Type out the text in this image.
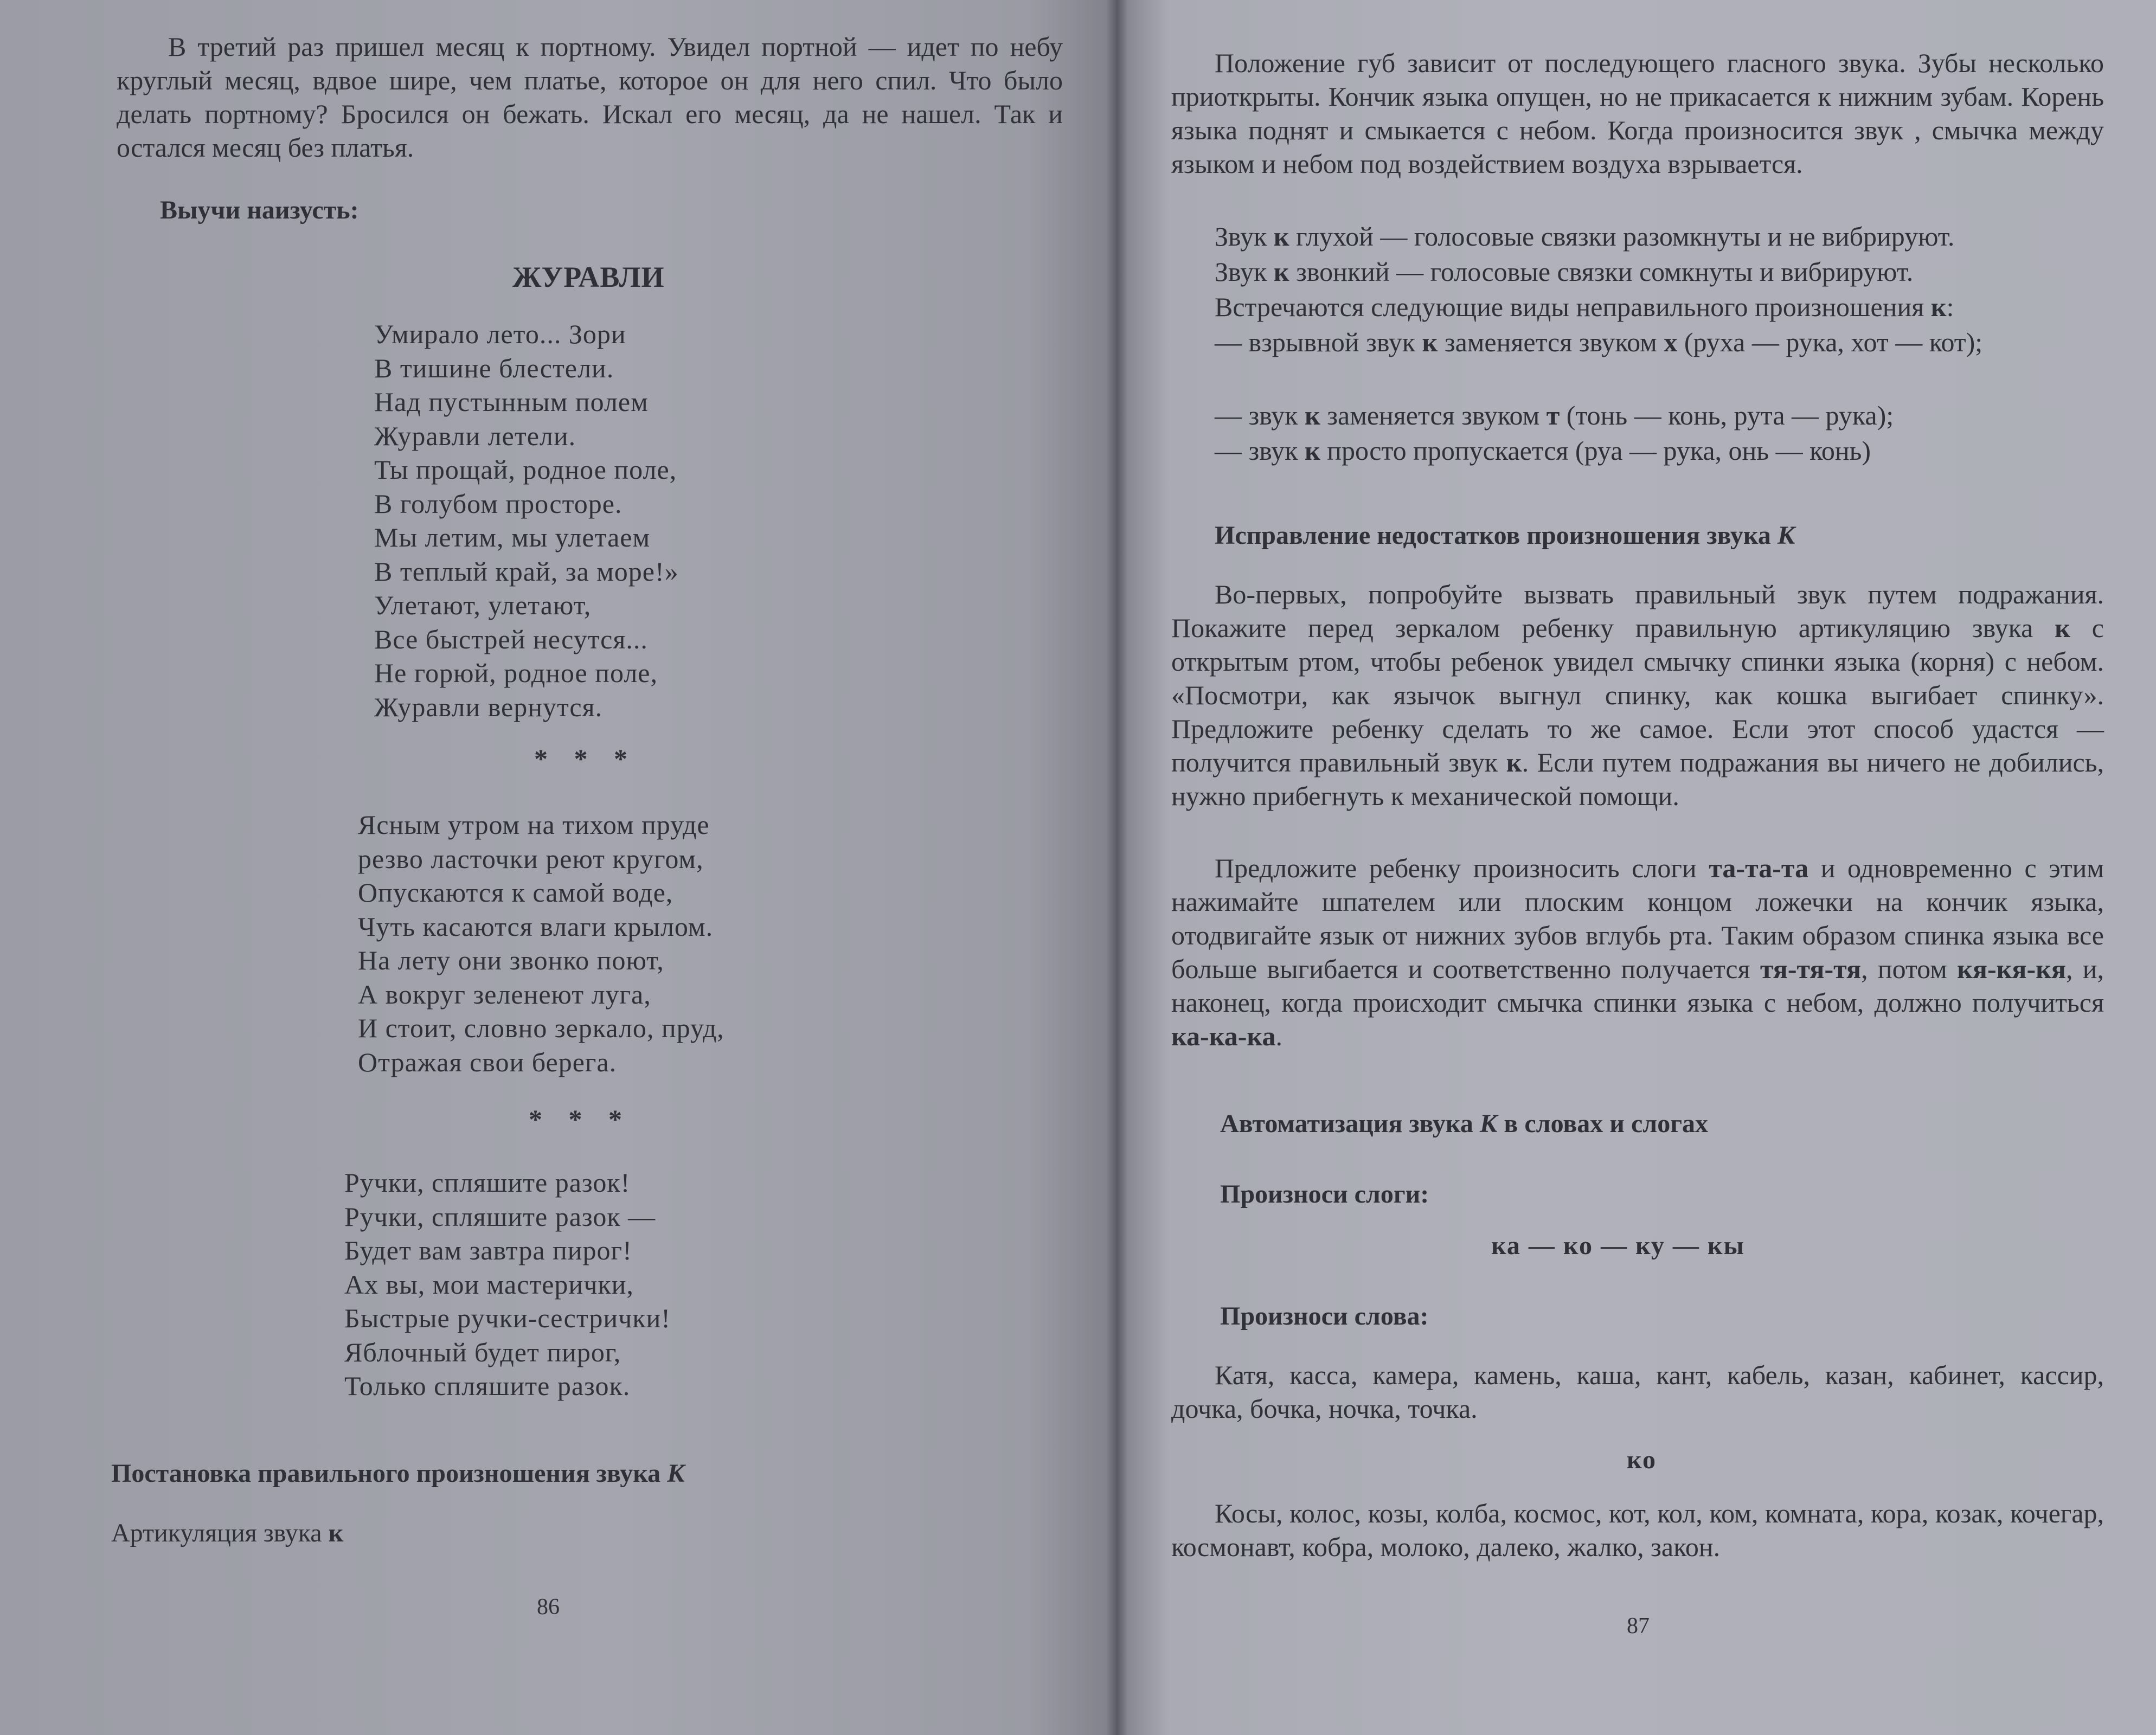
В третий раз пришел месяц к портному. Увидел портной — идет по небу круглый месяц, вдвое шире, чем платье, которое он для него спил. Что было делать портному? Бросился он бежать. Искал его месяц, да не нашел. Так и остался месяц без платья.

Выучи наизусть:

ЖУРАВЛИ

Умирало лето... Зори
В тишине блестели.
Над пустынным полем
Журавли летели.
Ты прощай, родное поле,
В голубом просторе.
Мы летим, мы улетаем
В теплый край, за море!»
Улетают, улетают,
Все быстрей несутся...
Не горюй, родное поле,
Журавли вернутся.

* * *

Ясным утром на тихом пруде
резво ласточки реют кругом,
Опускаются к самой воде,
Чуть касаются влаги крылом.
На лету они звонко поют,
А вокруг зеленеют луга,
И стоит, словно зеркало, пруд,
Отражая свои берега.

* * *

Ручки, спляшите разок!
Ручки, спляшите разок —
Будет вам завтра пирог!
Ах вы, мои мастерички,
Быстрые ручки-сестрички!
Яблочный будет пирог,
Только спляшите разок.

Постановка правильного произношения звука К

Артикуляция звука к

86

Положение губ зависит от последующего гласного звука. Зубы несколько приоткрыты. Кончик языка опущен, но не прикасается к нижним зубам. Корень языка поднят и смыкается с небом. Когда произносится звук , смычка между языком и небом под воздействием воздуха взрывается.

Звук к глухой — голосовые связки разомкнуты и не вибрируют.

Звук к звонкий — голосовые связки сомкнуты и вибрируют.

Встречаются следующие виды неправильного произношения к:

— взрывной звук к заменяется звуком х (руха — рука, хот — кот);

— звук к заменяется звуком т (тонь — конь, рута — рука);

— звук к просто пропускается (руа — рука, онь — конь)

Исправление недостатков произношения звука К

Во-первых, попробуйте вызвать правильный звук путем подражания. Покажите перед зеркалом ребенку правильную артикуляцию звука к с открытым ртом, чтобы ребенок увидел смычку спинки языка (корня) с небом. «Посмотри, как язычок выгнул спинку, как кошка выгибает спинку». Предложите ребенку сделать то же самое. Если этот способ удастся — получится правильный звук к. Если путем подражания вы ничего не добились, нужно прибегнуть к механической помощи.

Предложите ребенку произносить слоги та-та-та и одновременно с этим нажимайте шпателем или плоским концом ложечки на кончик языка, отодвигайте язык от нижних зубов вглубь рта. Таким образом спинка языка все больше выгибается и соответственно получается тя-тя-тя, потом кя-кя-кя, и, наконец, когда происходит смычка спинки языка с небом, должно получиться ка-ка-ка.

Автоматизация звука К в словах и слогах

Произноси слоги:

ка — ко — ку — кы

Произноси слова:

Катя, касса, камера, камень, каша, кант, кабель, казан, кабинет, кассир, дочка, бочка, ночка, точка.

ко

Косы, колос, козы, колба, космос, кот, кол, ком, комната, кора, козак, кочегар, космонавт, кобра, молоко, далеко, жалко, закон.

87
